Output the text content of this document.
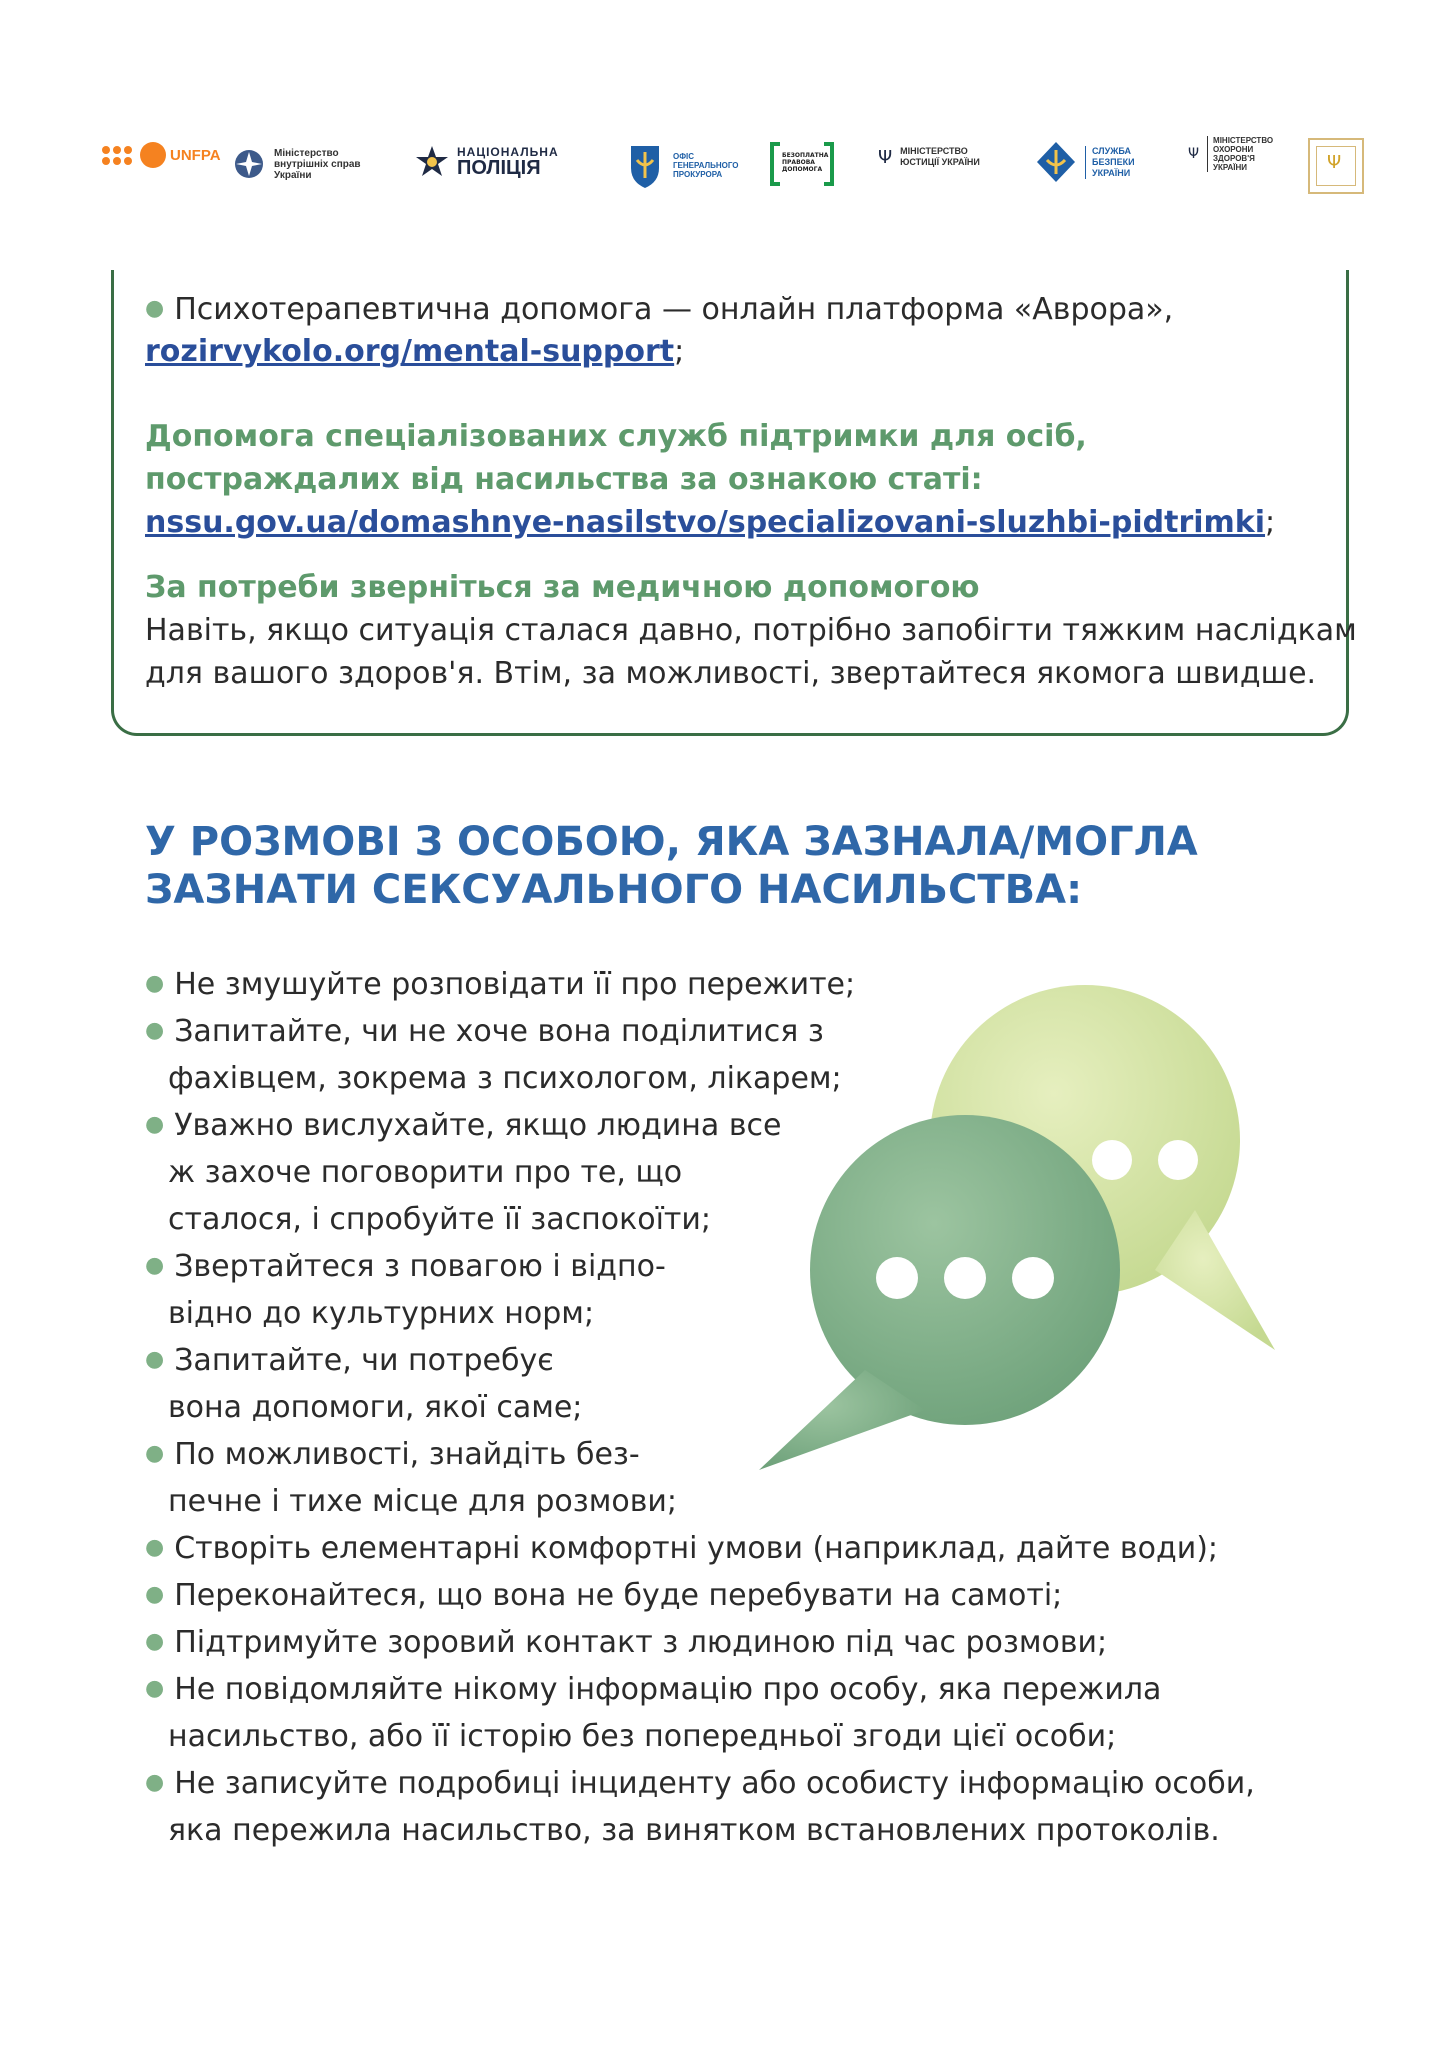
UNFPA	Міністерство
внутрішніх справ
України
НАЦІОНАЛЬНА
ПОЛІЦІЯ
ОФІС
ГЕНЕРАЛЬНОГО
ПРОКУРОРА
БЕЗОПЛАТНА
ПРАВОВА
ДОПОМОГА
Ψ МІНІСТЕРСТВО
ЮСТИЦІЇ УКРАЇНИ
СЛУЖБА
БЕЗПЕКИ
УКРАЇНИ
Ψ
МІНІСТЕРСТВО
ОХОРОНИ
ЗДОРОВ'Я
УКРАЇНИ	Ψ
● Психотерапевтична допомога — онлайн платформа «Аврора»,
rozirvykolo.org/mental-support;
Допомога спеціалізованих служб підтримки для осіб,
постраждалих від насильства за ознакою статі:
nssu.gov.ua/domashnye-nasilstvo/specializovani-sluzhbi-pidtrimki;
За потреби зверніться за медичною допомогою
Навіть, якщо ситуація сталася давно, потрібно запобігти тяжким наслідкам
для вашого здоров'я. Втім, за можливості, звертайтеся якомога швидше.
У РОЗМОВІ З ОСОБОЮ, ЯКА ЗАЗНАЛА/МОГЛА
ЗАЗНАТИ СЕКСУАЛЬНОГО НАСИЛЬСТВА:
● Не змушуйте розповідати її про пережите;
● Запитайте, чи не хоче вона поділитися з
фахівцем, зокрема з психологом, лікарем;
● Уважно вислухайте, якщо людина все
ж захоче поговорити про те, що
сталося, і спробуйте її заспокоїти;
● Звертайтеся з повагою і відпо-
відно до культурних норм;
● Запитайте, чи потребує
вона допомоги, якої саме;
● По можливості, знайдіть без-
печне і тихе місце для розмови;
● Створіть елементарні комфортні умови (наприклад, дайте води);
● Переконайтеся, що вона не буде перебувати на самоті;
● Підтримуйте зоровий контакт з людиною під час розмови;
● Не повідомляйте нікому інформацію про особу, яка пережила
насильство, або її історію без попередньої згоди цієї особи;
● Не записуйте подробиці інциденту або особисту інформацію особи,
яка пережила насильство, за винятком встановлених протоколів.
